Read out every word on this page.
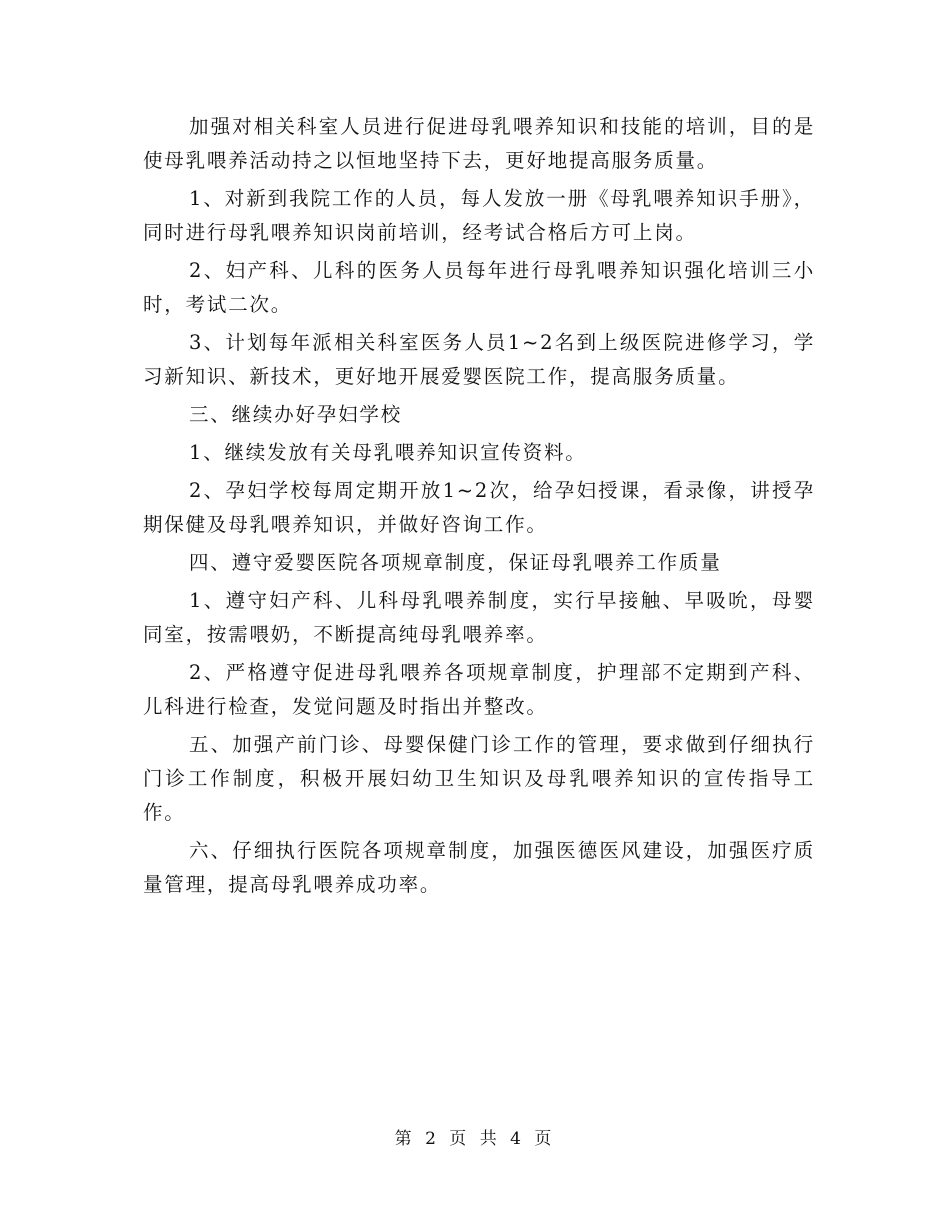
加强对相关科室人员进行促进母乳喂养知识和技能的培训，目的是使母乳喂养活动持之以恒地坚持下去，更好地提高服务质量。

1、对新到我院工作的人员，每人发放一册《母乳喂养知识手册》，同时进行母乳喂养知识岗前培训，经考试合格后方可上岗。

2、妇产科、儿科的医务人员每年进行母乳喂养知识强化培训三小时，考试二次。

3、计划每年派相关科室医务人员1~2名到上级医院进修学习，学习新知识、新技术，更好地开展爱婴医院工作，提高服务质量。

三、继续办好孕妇学校

1、继续发放有关母乳喂养知识宣传资料。

2、孕妇学校每周定期开放1~2次，给孕妇授课，看录像，讲授孕期保健及母乳喂养知识，并做好咨询工作。

四、遵守爱婴医院各项规章制度，保证母乳喂养工作质量

1、遵守妇产科、儿科母乳喂养制度，实行早接触、早吸吮，母婴同室，按需喂奶，不断提高纯母乳喂养率。

2、严格遵守促进母乳喂养各项规章制度，护理部不定期到产科、儿科进行检查，发觉问题及时指出并整改。

五、加强产前门诊、母婴保健门诊工作的管理，要求做到仔细执行门诊工作制度，积极开展妇幼卫生知识及母乳喂养知识的宣传指导工作。

六、仔细执行医院各项规章制度，加强医德医风建设，加强医疗质量管理，提高母乳喂养成功率。

第 2 页 共 4 页
